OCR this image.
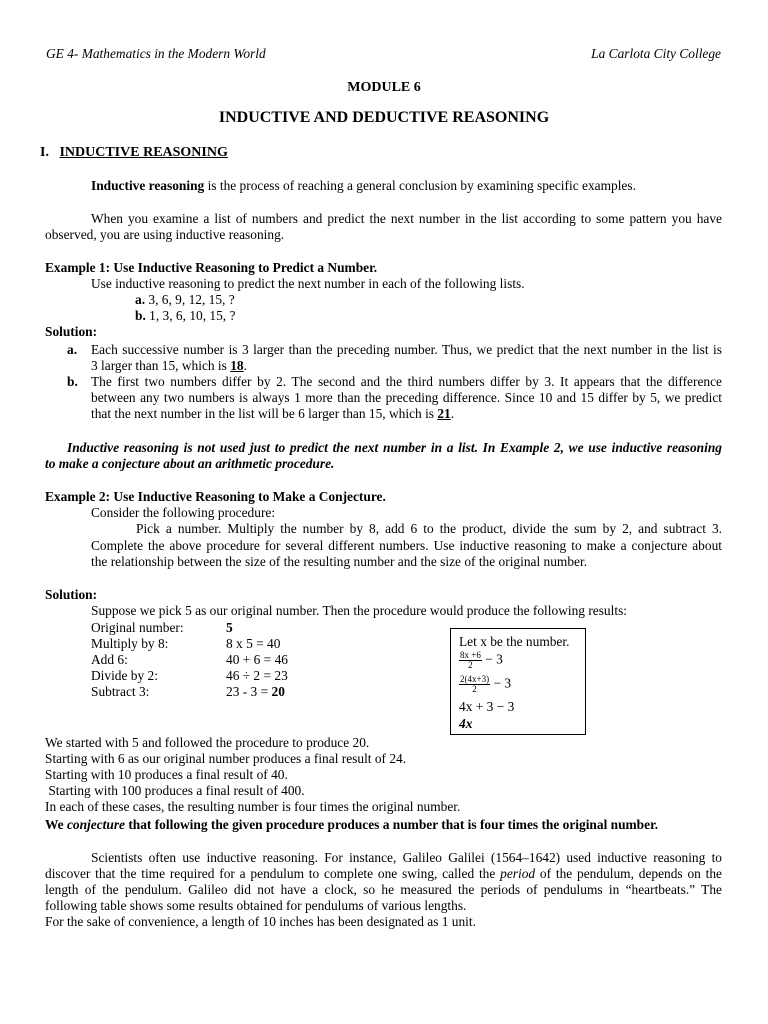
GE 4- Mathematics in the Modern World	La Carlota City College
MODULE 6
INDUCTIVE AND DEDUCTIVE REASONING
I. INDUCTIVE REASONING
Inductive reasoning is the process of reaching a general conclusion by examining specific examples.
When you examine a list of numbers and predict the next number in the list according to some pattern you have
observed, you are using inductive reasoning.
Example 1: Use Inductive Reasoning to Predict a Number.
Use inductive reasoning to predict the next number in each of the following lists.
a. 3, 6, 9, 12, 15, ?
b. 1, 3, 6, 10, 15, ?
Solution:
a. Each successive number is 3 larger than the preceding number. Thus, we predict that the next number in the list is
3 larger than 15, which is 18.
b. The first two numbers differ by 2. The second and the third numbers differ by 3. It appears that the difference
between any two numbers is always 1 more than the preceding difference. Since 10 and 15 differ by 5, we predict
that the next number in the list will be 6 larger than 15, which is 21.
Inductive reasoning is not used just to predict the next number in a list. In Example 2, we use inductive reasoning
to make a conjecture about an arithmetic procedure.
Example 2: Use Inductive Reasoning to Make a Conjecture.
Consider the following procedure:
Pick a number. Multiply the number by 8, add 6 to the product, divide the sum by 2, and subtract 3.
Complete the above procedure for several different numbers. Use inductive reasoning to make a conjecture about
the relationship between the size of the resulting number and the size of the original number.
Solution:
Suppose we pick 5 as our original number. Then the procedure would produce the following results:
Original number:	5
Multiply by 8:	8 x 5 = 40
Add 6:	40 + 6 = 46
Divide by 2:	46 ÷ 2 = 23
Subtract 3:	23 - 3 = 20
Let x be the number.
$\frac{8x +6}{2} - 3$
$\frac{2(4x+3)}{2} - 3$
4x + 3 − 3
4x
We started with 5 and followed the procedure to produce 20.
Starting with 6 as our original number produces a final result of 24.
Starting with 10 produces a final result of 40.
Starting with 100 produces a final result of 400.
In each of these cases, the resulting number is four times the original number.
We conjecture that following the given procedure produces a number that is four times the original number.
Scientists often use inductive reasoning. For instance, Galileo Galilei (1564–1642) used inductive reasoning to
discover that the time required for a pendulum to complete one swing, called the period of the pendulum, depends on the
length of the pendulum. Galileo did not have a clock, so he measured the periods of pendulums in “heartbeats.” The
following table shows some results obtained for pendulums of various lengths.
For the sake of convenience, a length of 10 inches has been designated as 1 unit.
